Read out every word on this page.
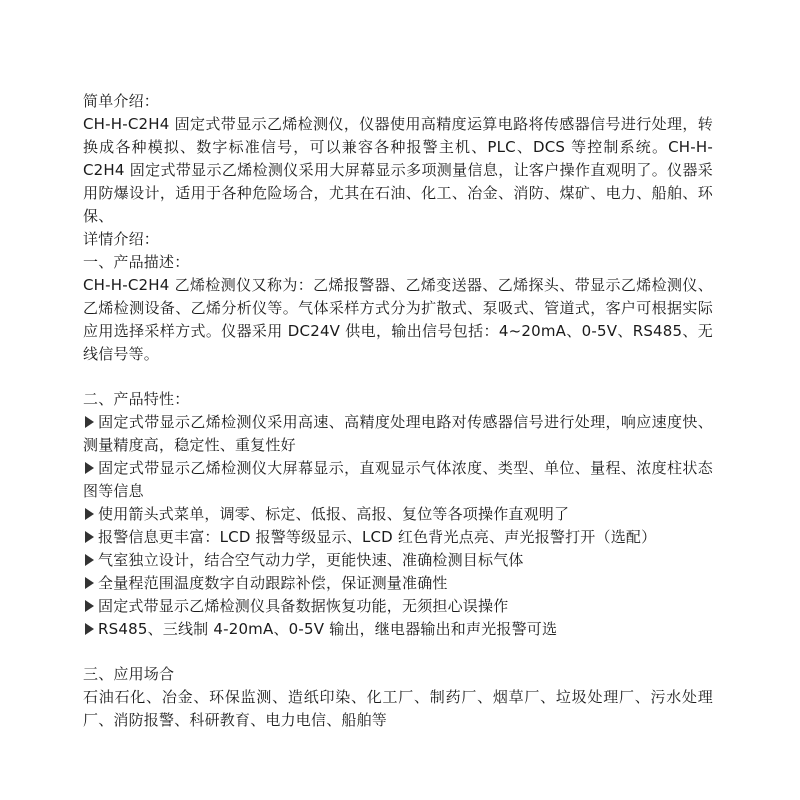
简单介绍：

CH-H-C2H4 固定式带显示乙烯检测仪，仪器使用高精度运算电路将传感器信号进行处理，转换成各种模拟、数字标准信号，可以兼容各种报警主机、PLC、DCS 等控制系统。CH-H-C2H4 固定式带显示乙烯检测仪采用大屏幕显示多项测量信息，让客户操作直观明了。仪器采用防爆设计，适用于各种危险场合，尤其在石油、化工、冶金、消防、煤矿、电力、船舶、环保、

详情介绍：

一、产品描述：

CH-H-C2H4 乙烯检测仪又称为：乙烯报警器、乙烯变送器、乙烯探头、带显示乙烯检测仪、乙烯检测设备、乙烯分析仪等。气体采样方式分为扩散式、泵吸式、管道式，客户可根据实际应用选择采样方式。仪器采用 DC24V 供电，输出信号包括：4~20mA、0-5V、RS485、无线信号等。

二、产品特性：

固定式带显示乙烯检测仪采用高速、高精度处理电路对传感器信号进行处理，响应速度快、测量精度高，稳定性、重复性好
固定式带显示乙烯检测仪大屏幕显示，直观显示气体浓度、类型、单位、量程、浓度柱状态图等信息
使用箭头式菜单，调零、标定、低报、高报、复位等各项操作直观明了
报警信息更丰富：LCD 报警等级显示、LCD 红色背光点亮、声光报警打开（选配）
气室独立设计，结合空气动力学，更能快速、准确检测目标气体
全量程范围温度数字自动跟踪补偿，保证测量准确性
固定式带显示乙烯检测仪具备数据恢复功能，无须担心误操作
RS485、三线制 4-20mA、0-5V 输出，继电器输出和声光报警可选

三、应用场合

石油石化、冶金、环保监测、造纸印染、化工厂、制药厂、烟草厂、垃圾处理厂、污水处理厂、消防报警、科研教育、电力电信、船舶等
